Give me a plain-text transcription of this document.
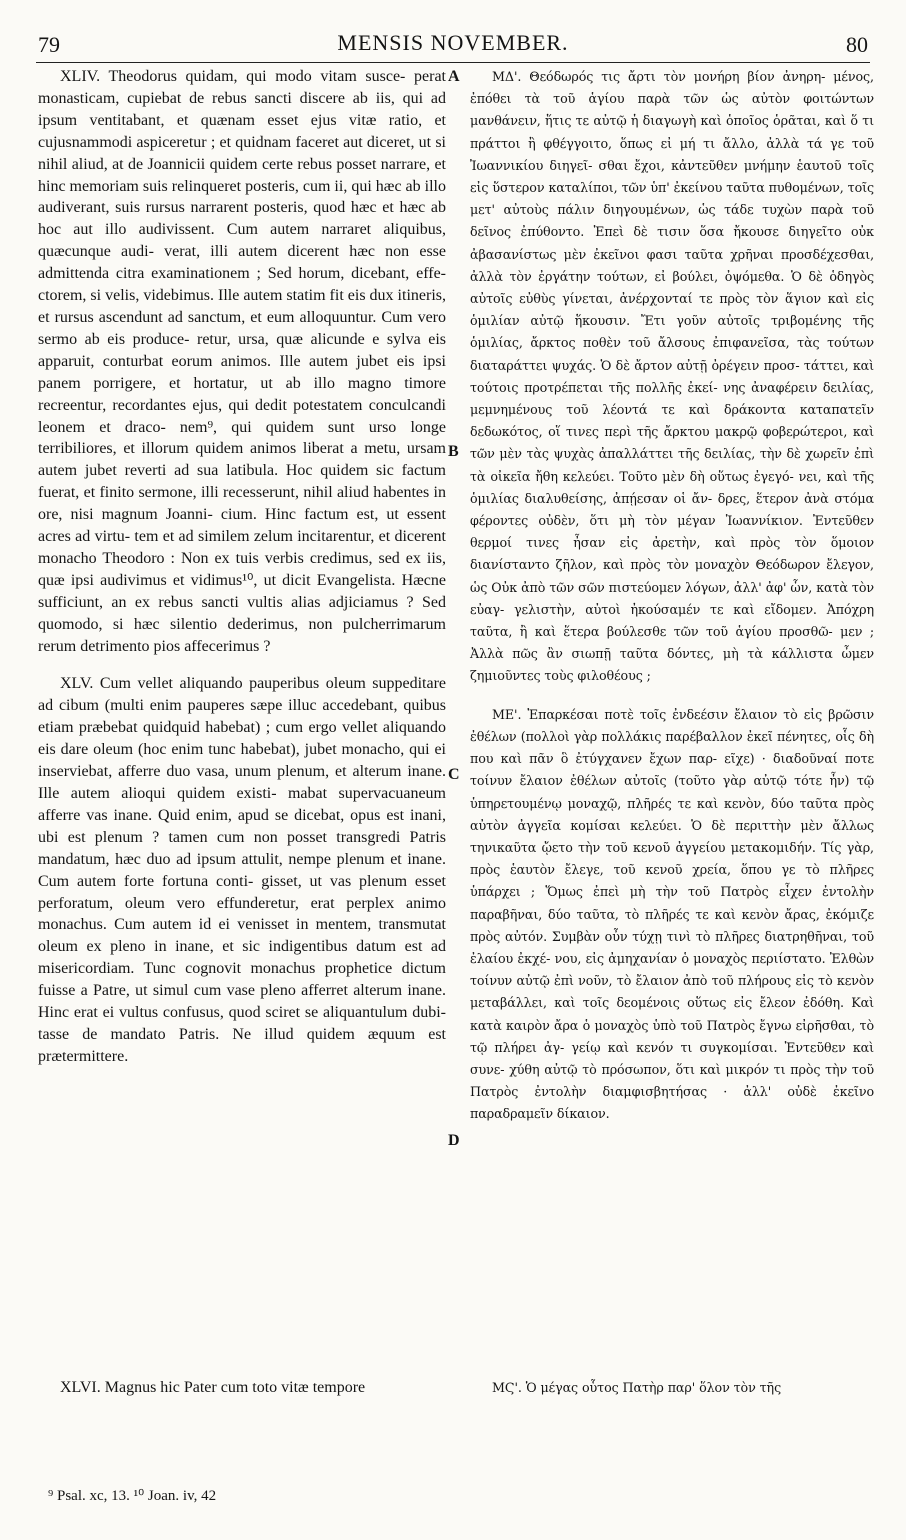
79	MENSIS NOVEMBER.	80

XLIV. Theodorus quidam, qui modo vitam susce- perat monasticam, cupiebat de rebus sancti discere ab iis, qui ad ipsum ventitabant, et quænam esset ejus vitæ ratio, et cujusnammodi aspiceretur ; et quidnam faceret aut diceret, ut si nihil aliud, at de Joannicii quidem certe rebus posset narrare, et hinc memoriam suis relinqueret posteris, cum ii, qui hæc ab illo audiverant, suis rursus narrarent posteris, quod hæc et hæc ab hoc aut illo audivissent. Cum autem narraret aliquibus, quæcunque audi- verat, illi autem dicerent hæc non esse admittenda citra examinationem ; Sed horum, dicebant, effe- ctorem, si velis, videbimus. Ille autem statim fit eis dux itineris, et rursus ascendunt ad sanctum, et eum alloquuntur. Cum vero sermo ab eis produce- retur, ursa, quæ alicunde e sylva eis apparuit, conturbat eorum animos. Ille autem jubet eis ipsi panem porrigere, et hortatur, ut ab illo magno timore recreentur, recordantes ejus, qui dedit potestatem conculcandi leonem et draco- nem⁹, qui quidem sunt urso longe terribiliores, et illorum quidem animos liberat a metu, ursam autem jubet reverti ad sua latibula. Hoc quidem sic factum fuerat, et finito sermone, illi recesserunt, nihil aliud habentes in ore, nisi magnum Joanni- cium. Hinc factum est, ut essent acres ad virtu- tem et ad similem zelum incitarentur, et dicerent monacho Theodoro : Non ex tuis verbis credimus, sed ex iis, quæ ipsi audivimus et vidimus¹⁰, ut dicit Evangelista. Hæcne sufficiunt, an ex rebus sancti vultis alias adjiciamus ? Sed quomodo, si hæc silentio dederimus, non pulcherrimarum rerum detrimento pios affecerimus ?

XLV. Cum vellet aliquando pauperibus oleum suppeditare ad cibum (multi enim pauperes sæpe illuc accedebant, quibus etiam præbebat quidquid habebat) ; cum ergo vellet aliquando eis dare oleum (hoc enim tunc habebat), jubet monacho, qui ei inserviebat, afferre duo vasa, unum plenum, et alterum inane. Ille autem alioqui quidem existi- mabat supervacuaneum afferre vas inane. Quid enim, apud se dicebat, opus est inani, ubi est plenum ? tamen cum non posset transgredi Patris mandatum, hæc duo ad ipsum attulit, nempe plenum et inane. Cum autem forte fortuna conti- gisset, ut vas plenum esset perforatum, oleum vero effunderetur, erat perplex animo monachus. Cum autem id ei venisset in mentem, transmutat oleum ex pleno in inane, et sic indigentibus datum est ad misericordiam. Tunc cognovit monachus prophetice dictum fuisse a Patre, ut simul cum vase pleno afferret alterum inane. Hinc erat ei vultus confusus, quod sciret se aliquantulum dubi- tasse de mandato Patris. Ne illud quidem æquum est prætermittere.

XLVI. Magnus hic Pater cum toto vitæ tempore

ΜΔ'. Θεόδωρός τις ἄρτι τὸν μονήρη βίον ἀνηρη- μένος, ἐπόθει τὰ τοῦ ἁγίου παρὰ τῶν ὡς αὐτὸν φοιτώντων μανθάνειν, ἥτις τε αὐτῷ ἡ διαγωγὴ καὶ ὁποῖος ὁρᾶται, καὶ ὅ τι πράττοι ἢ φθέγγοιτο, ὅπως εἰ μή τι ἄλλο, ἀλλὰ τά γε τοῦ Ἰωαννικίου διηγεῖ- σθαι ἔχοι, κἀντεῦθεν μνήμην ἑαυτοῦ τοῖς εἰς ὕστερον καταλίποι, τῶν ὑπ' ἐκείνου ταῦτα πυθομένων, τοῖς μετ' αὐτοὺς πάλιν διηγουμένων, ὡς τάδε τυχὼν παρὰ τοῦ δεῖνος ἐπύθοντο. Ἐπεὶ δὲ τισιν ὅσα ἤκουσε διηγεῖτο οὐκ ἀβασανίστως μὲν ἐκεῖνοι φασι ταῦτα χρῆναι προσδέχεσθαι, ἀλλὰ τὸν ἐργάτην τούτων, εἰ βούλει, ὀψόμεθα. Ὁ δὲ ὁδηγὸς αὐτοῖς εὐθὺς γίνεται, ἀνέρχονταί τε πρὸς τὸν ἅγιον καὶ εἰς ὁμιλίαν αὐτῷ ἥκουσιν. Ἔτι γοῦν αὐτοῖς τριβομένης τῆς ὁμιλίας, ἄρκτος ποθὲν τοῦ ἄλσους ἐπιφανεῖσα, τὰς τούτων διαταράττει ψυχάς. Ὁ δὲ ἄρτον αὐτῇ ὀρέγειν προσ- τάττει, καὶ τούτοις προτρέπεται τῆς πολλῆς ἐκεί- νης ἀναφέρειν δειλίας, μεμνημένους τοῦ λέοντά τε καὶ δράκοντα καταπατεῖν δεδωκότος, οἵ τινες περὶ τῆς ἄρκτου μακρῷ φοβερώτεροι, καὶ τῶν μὲν τὰς ψυχὰς ἀπαλλάττει τῆς δειλίας, τὴν δὲ χωρεῖν ἐπὶ τὰ οἰκεῖα ἤθη κελεύει. Τοῦτο μὲν δὴ οὕτως ἐγεγό- νει, καὶ τῆς ὁμιλίας διαλυθείσης, ἀπῄεσαν οἱ ἄν- δρες, ἕτερον ἀνὰ στόμα φέροντες οὐδὲν, ὅτι μὴ τὸν μέγαν Ἰωαννίκιον. Ἐντεῦθεν θερμοί τινες ἦσαν εἰς ἀρετὴν, καὶ πρὸς τὸν ὅμοιον διανίσταντο ζῆλον, καὶ πρὸς τὸν μοναχὸν Θεόδωρον ἔλεγον, ὡς Οὐκ ἀπὸ τῶν σῶν πιστεύομεν λόγων, ἀλλ' ἀφ' ὧν, κατὰ τὸν εὐαγ- γελιστὴν, αὐτοὶ ἠκούσαμέν τε καὶ εἴδομεν. Ἀπόχρη ταῦτα, ἢ καὶ ἕτερα βούλεσθε τῶν τοῦ ἁγίου προσθῶ- μεν ; Ἀλλὰ πῶς ἂν σιωπῇ ταῦτα δόντες, μὴ τὰ κάλλιστα ὦμεν ζημιοῦντες τοὺς φιλοθέους ;

ΜΕ'. Ἐπαρκέσαι ποτὲ τοῖς ἐνδεέσιν ἔλαιον τὸ εἰς βρῶσιν ἐθέλων (πολλοὶ γὰρ πολλάκις παρέβαλλον ἐκεῖ πένητες, οἷς δὴ που καὶ πᾶν ὃ ἐτύγχανεν ἔχων παρ- εῖχε) · διαδοῦναί ποτε τοίνυν ἔλαιον ἐθέλων αὐτοῖς (τοῦτο γὰρ αὐτῷ τότε ἦν) τῷ ὑπηρετουμένῳ μοναχῷ, πλῆρές τε καὶ κενὸν, δύο ταῦτα πρὸς αὐτὸν ἀγγεῖα κομίσαι κελεύει. Ὁ δὲ περιττὴν μὲν ἄλλως τηνικαῦτα ᾤετο τὴν τοῦ κενοῦ ἀγγείου μετακομιδήν. Τίς γὰρ, πρὸς ἑαυτὸν ἔλεγε, τοῦ κενοῦ χρεία, ὅπου γε τὸ πλῆρες ὑπάρχει ; Ὅμως ἐπεὶ μὴ τὴν τοῦ Πατρὸς εἶχεν ἐντολὴν παραβῆναι, δύο ταῦτα, τὸ πλῆρές τε καὶ κενὸν ἄρας, ἐκόμιζε πρὸς αὐτόν. Συμβὰν οὖν τύχῃ τινὶ τὸ πλῆρες διατρηθῆναι, τοῦ ἐλαίου ἐκχέ- νου, εἰς ἀμηχανίαν ὁ μοναχὸς περιίστατο. Ἐλθὼν τοίνυν αὐτῷ ἐπὶ νοῦν, τὸ ἔλαιον ἀπὸ τοῦ πλήρους εἰς τὸ κενὸν μεταβάλλει, καὶ τοῖς δεομένοις οὕτως εἰς ἔλεον ἐδόθη. Καὶ κατὰ καιρὸν ἄρα ὁ μοναχὸς ὑπὸ τοῦ Πατρὸς ἔγνω εἰρῆσθαι, τὸ τῷ πλήρει ἀγ- γείῳ καὶ κενόν τι συγκομίσαι. Ἐντεῦθεν καὶ συνε- χύθη αὐτῷ τὸ πρόσωπον, ὅτι καὶ μικρόν τι πρὸς τὴν τοῦ Πατρὸς ἐντολὴν διαμφισβητήσας · ἀλλ' οὐδὲ ἐκεῖνο παραδραμεῖν δίκαιον.

ΜϚ'. Ὁ μέγας οὗτος Πατὴρ παρ' ὅλον τὸν τῆς

A
B
C
D
⁹ Psal. xc, 13. ¹⁰ Joan. iv, 42
